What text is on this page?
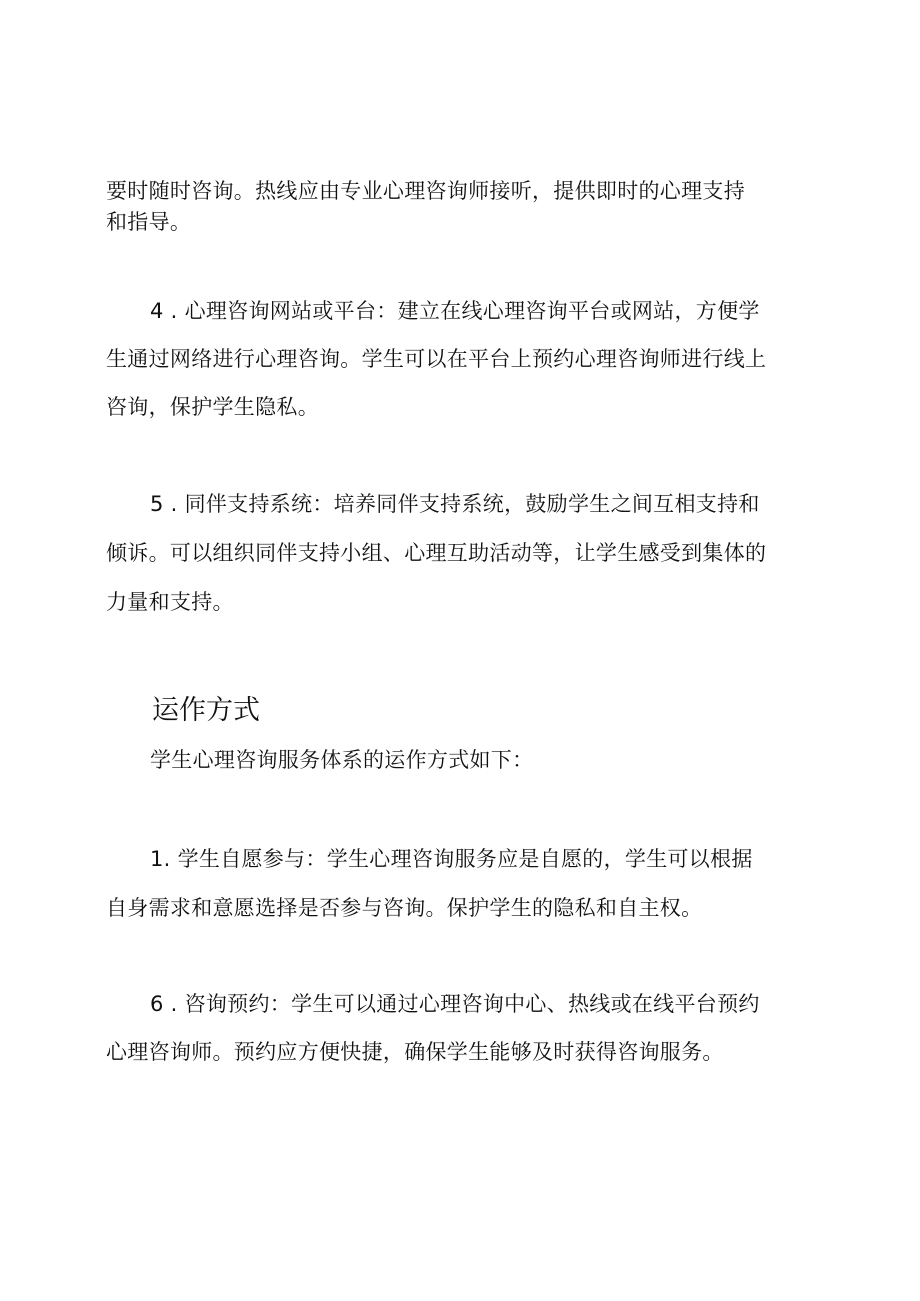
要时随时咨询。热线应由专业心理咨询师接听，提供即时的心理支持
和指导。
4 . 心理咨询网站或平台：建立在线心理咨询平台或网站，方便学
生通过网络进行心理咨询。学生可以在平台上预约心理咨询师进行线上
咨询，保护学生隐私。
5 . 同伴支持系统：培养同伴支持系统，鼓励学生之间互相支持和
倾诉。可以组织同伴支持小组、心理互助活动等，让学生感受到集体的
力量和支持。
运作方式
学生心理咨询服务体系的运作方式如下：
1. 学生自愿参与：学生心理咨询服务应是自愿的，学生可以根据
自身需求和意愿选择是否参与咨询。保护学生的隐私和自主权。
6 . 咨询预约：学生可以通过心理咨询中心、热线或在线平台预约
心理咨询师。预约应方便快捷，确保学生能够及时获得咨询服务。
